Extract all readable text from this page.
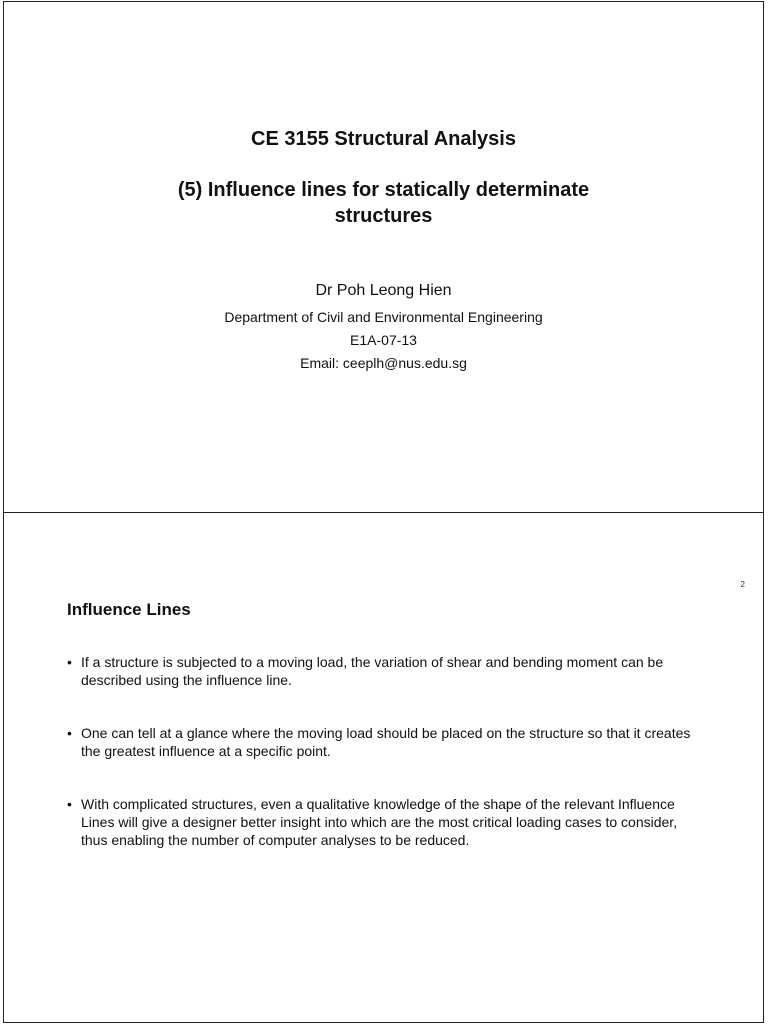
CE 3155 Structural Analysis
(5) Influence lines for statically determinate structures
Dr Poh Leong Hien
Department of Civil and Environmental Engineering
E1A-07-13
Email: ceeplh@nus.edu.sg
2
Influence Lines
• If a structure is subjected to a moving load, the variation of shear and bending moment can be described using the influence line.
• One can tell at a glance where the moving load should be placed on the structure so that it creates the greatest influence at a specific point.
• With complicated structures, even a qualitative knowledge of the shape of the relevant Influence Lines will give a designer better insight into which are the most critical loading cases to consider, thus enabling the number of computer analyses to be reduced.
